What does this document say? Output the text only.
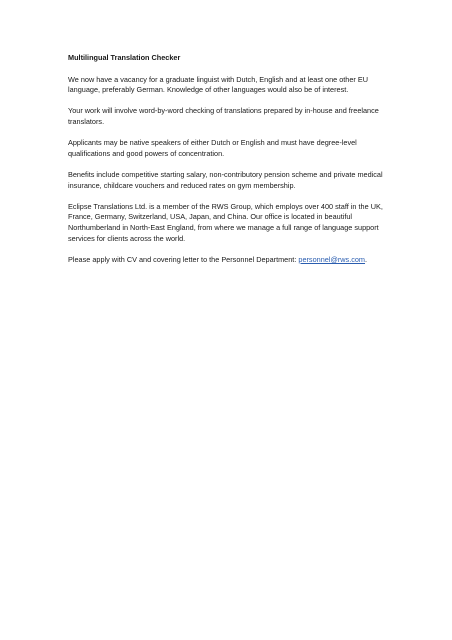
Multilingual Translation Checker

We now have a vacancy for a graduate linguist with Dutch, English and at least one other EU language, preferably German. Knowledge of other languages would also be of interest.

Your work will involve word-by-word checking of translations prepared by in-house and freelance translators.

Applicants may be native speakers of either Dutch or English and must have degree-level qualifications and good powers of concentration.

Benefits include competitive starting salary, non-contributory pension scheme and private medical insurance, childcare vouchers and reduced rates on gym membership.

Eclipse Translations Ltd. is a member of the RWS Group, which employs over 400 staff in the UK, France, Germany, Switzerland, USA, Japan, and China. Our office is located in beautiful Northumberland in North-East England, from where we manage a full range of language support services for clients across the world.

Please apply with CV and covering letter to the Personnel Department: personnel@rws.com.
